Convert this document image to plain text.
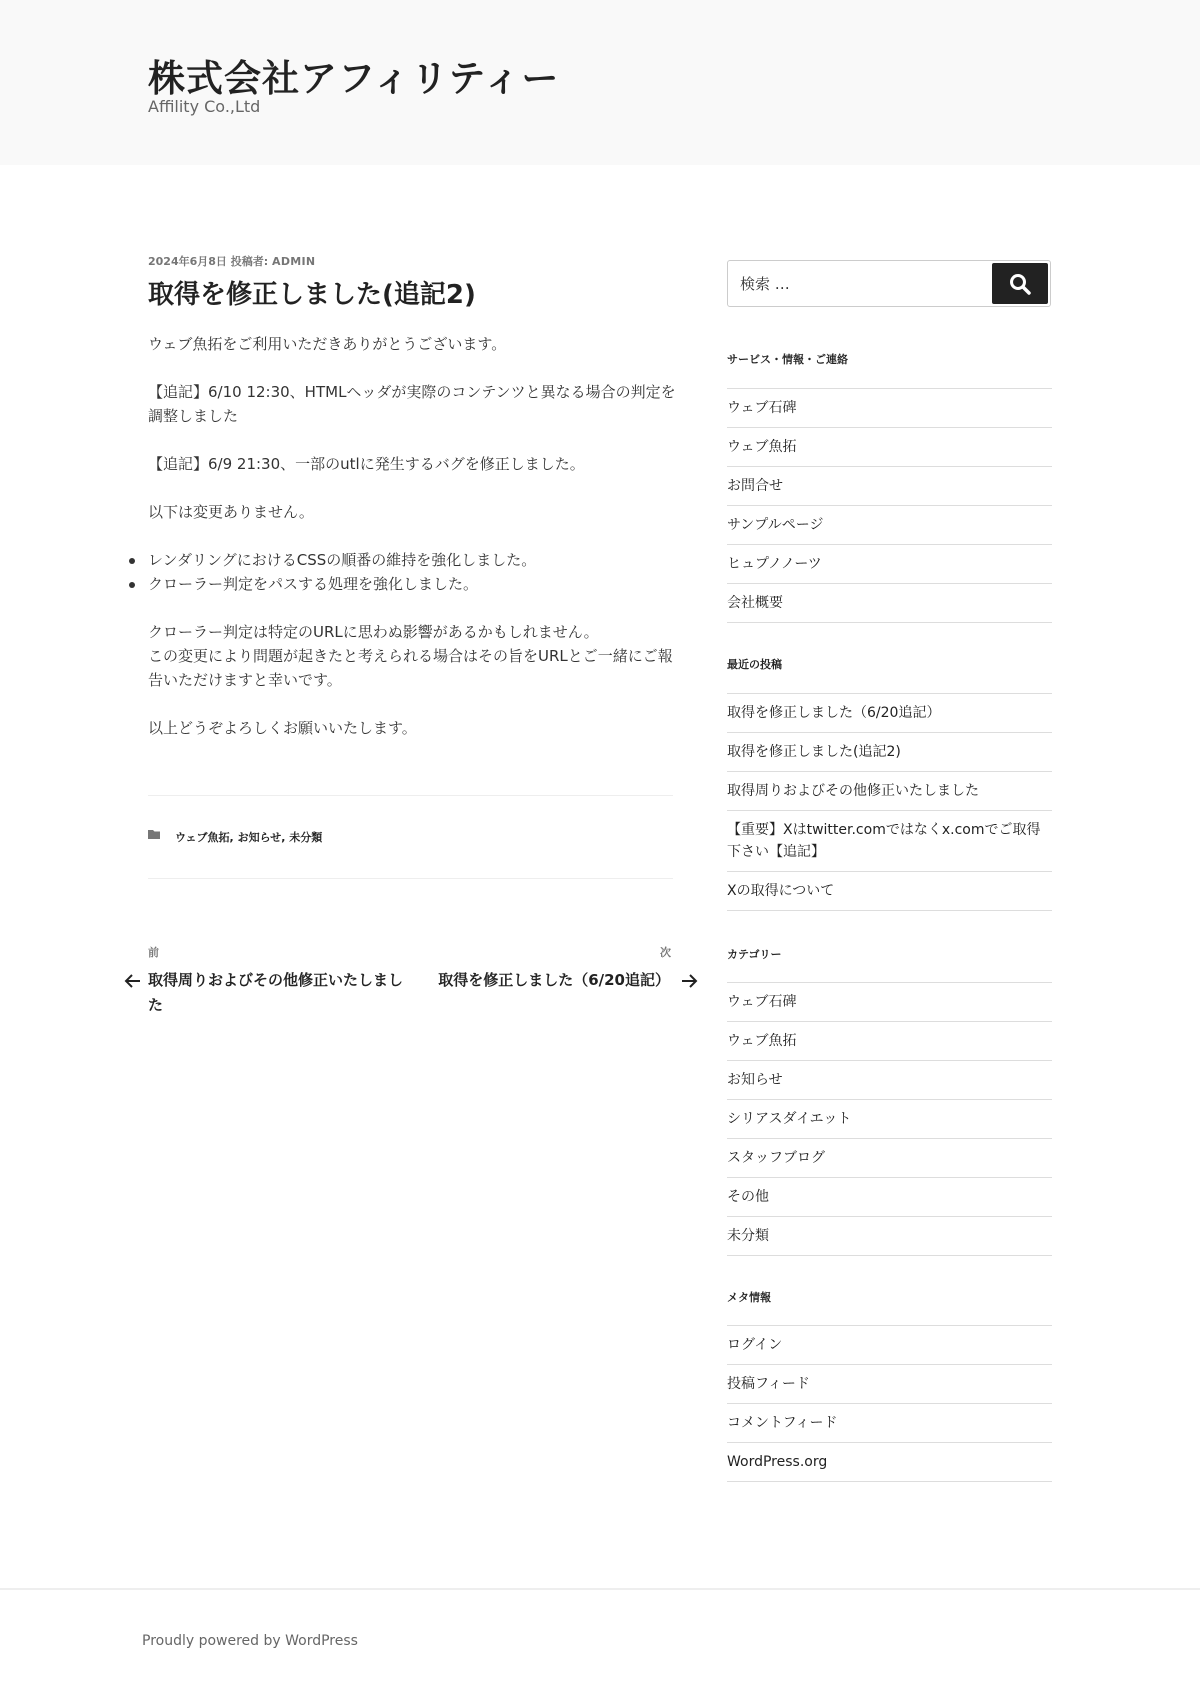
株式会社アフィリティー
Affility Co.,Ltd
2024年6月8日 投稿者: ADMIN
取得を修正しました(追記2)

ウェブ魚拓をご利用いただきありがとうございます。

【追記】6/10 12:30、HTMLヘッダが実際のコンテンツと異なる場合の判定を調整しました

【追記】6/9 21:30、一部のutlに発生するバグを修正しました。

以下は変更ありません。

レンダリングにおけるCSSの順番の維持を強化しました。
クローラー判定をパスする処理を強化しました。

クローラー判定は特定のURLに思わぬ影響があるかもしれません。
この変更により問題が起きたと考えられる場合はその旨をURLとご一緒にご報告いただけますと幸いです。

以上どうぞよろしくお願いいたします。

ウェブ魚拓, お知らせ, 未分類
前
取得周りおよびその他修正いたしました
次
取得を修正しました（6/20追記）
検索 …
サービス・情報・ご連絡
ウェブ石碑
ウェブ魚拓
お問合せ
サンプルページ
ヒュプノノーツ
会社概要
最近の投稿
取得を修正しました（6/20追記）
取得を修正しました(追記2)
取得周りおよびその他修正いたしました
【重要】Xはtwitter.comではなくx.comでご取得下さい【追記】
Xの取得について
カテゴリー
ウェブ石碑
ウェブ魚拓
お知らせ
シリアスダイエット
スタッフブログ
その他
未分類
メタ情報
ログイン
投稿フィード
コメントフィード
WordPress.org
Proudly powered by WordPress
